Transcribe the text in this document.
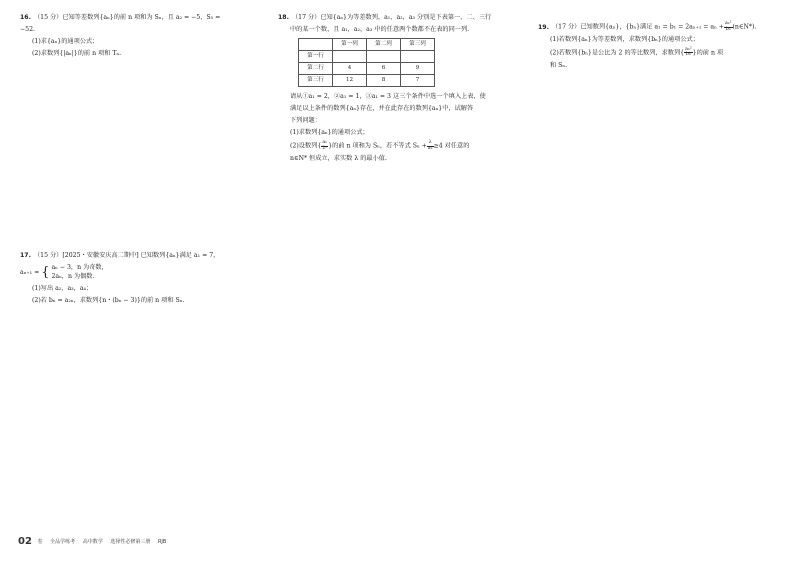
16. （15 分）已知等差数列{aₙ}的前 n 项和为 Sₙ，且 a₂ = −5，S₅ =
−52.
(1)求{aₙ}的通项公式；
(2)求数列{|aₙ|}的前 n 项和 Tₙ.
17. （15 分）[2025・安徽安庆高二期中] 已知数列{aₙ}满足 a₁ = 7，
aₙ₊₁ = { aₙ − 3，n 为奇数，
2aₙ，n 为偶数.
(1)写出 a₂，a₃，a₄；
(2)若 bₙ = a₂ₙ，求数列{n・(bₙ − 3)}的前 n 项和 Sₙ.
18. （17 分）已知{aₙ}为等差数列，a₁，a₂，a₃ 分别是下表第一、二、三行
中的某一个数，且 a₁，a₂，a₃ 中的任意两个数都不在表的同一列.
	第一列	第二列	第三列
第一行			
第二行	4	6	9
第三行	12	8	7
请从①a₁ = 2，②a₁ = 1，③a₁ = 3 这三个条件中选一个填入上表，使
满足以上条件的数列{aₙ}存在，并在此存在的数列{aₙ}中，试解答
下列问题：
(1)求数列{aₙ}的通项公式；
(2)设数列{ $\frac{\text{aₙ}}{\text{2ⁿ}}$ }的前 n 项和为 Sₙ，若不等式 $S_n + \frac{\lambda}{\text{aₙ}} \ge 4$ 对任意的
n∈N* 恒成立，求实数 λ 的最小值.
19. （17 分）已知数列{aₙ}，{bₙ}满足 $a_1 = b_1 = 2a_{n+1} = a_n + \frac{\text{aₙ²}}{\text{bₙ}}$ (n∈N*).
(1)若数列{aₙ}为等差数列，求数列{bₙ}的通项公式；
(2)若数列{bₙ}是公比为 2 的等比数列，求数列{ $\frac{\text{aₙ²}}{\text{bₙ}}$ }的前 n 项
和 Sₙ.
02 卷 全品学练考 高中数学 选择性必修第三册 RJB
